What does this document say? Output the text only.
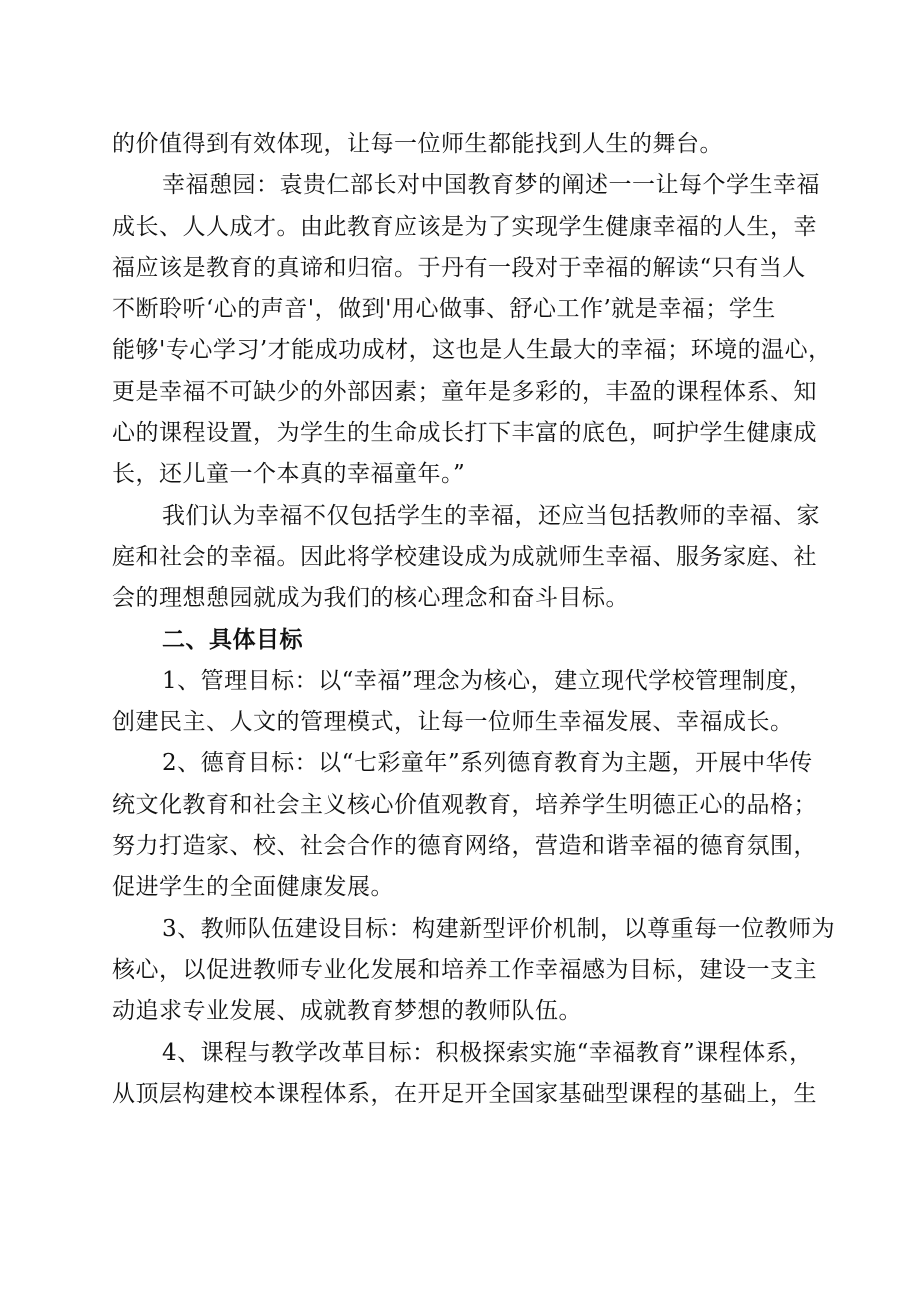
的价值得到有效体现，让每一位师生都能找到人生的舞台。
幸福憩园：袁贵仁部长对中国教育梦的阐述一一让每个学生幸福
成长、人人成才。由此教育应该是为了实现学生健康幸福的人生，幸
福应该是教育的真谛和归宿。于丹有一段对于幸福的解读“只有当人
不断聆听‘心的声音'，做到'用心做事、舒心工作’就是幸福；学生
能够'专心学习’才能成功成材，这也是人生最大的幸福；环境的温心，
更是幸福不可缺少的外部因素；童年是多彩的，丰盈的课程体系、知
心的课程设置，为学生的生命成长打下丰富的底色，呵护学生健康成
长，还儿童一个本真的幸福童年。”
我们认为幸福不仅包括学生的幸福，还应当包括教师的幸福、家
庭和社会的幸福。因此将学校建设成为成就师生幸福、服务家庭、社
会的理想憩园就成为我们的核心理念和奋斗目标。
二、具体目标
1、管理目标：以“幸福”理念为核心，建立现代学校管理制度，
创建民主、人文的管理模式，让每一位师生幸福发展、幸福成长。
2、德育目标：以“七彩童年”系列德育教育为主题，开展中华传
统文化教育和社会主义核心价值观教育，培养学生明德正心的品格；
努力打造家、校、社会合作的德育网络，营造和谐幸福的德育氛围，
促进学生的全面健康发展。
3、教师队伍建设目标：构建新型评价机制，以尊重每一位教师为
核心，以促进教师专业化发展和培养工作幸福感为目标，建设一支主
动追求专业发展、成就教育梦想的教师队伍。
4、课程与教学改革目标：积极探索实施“幸福教育”课程体系，
从顶层构建校本课程体系，在开足开全国家基础型课程的基础上，生
